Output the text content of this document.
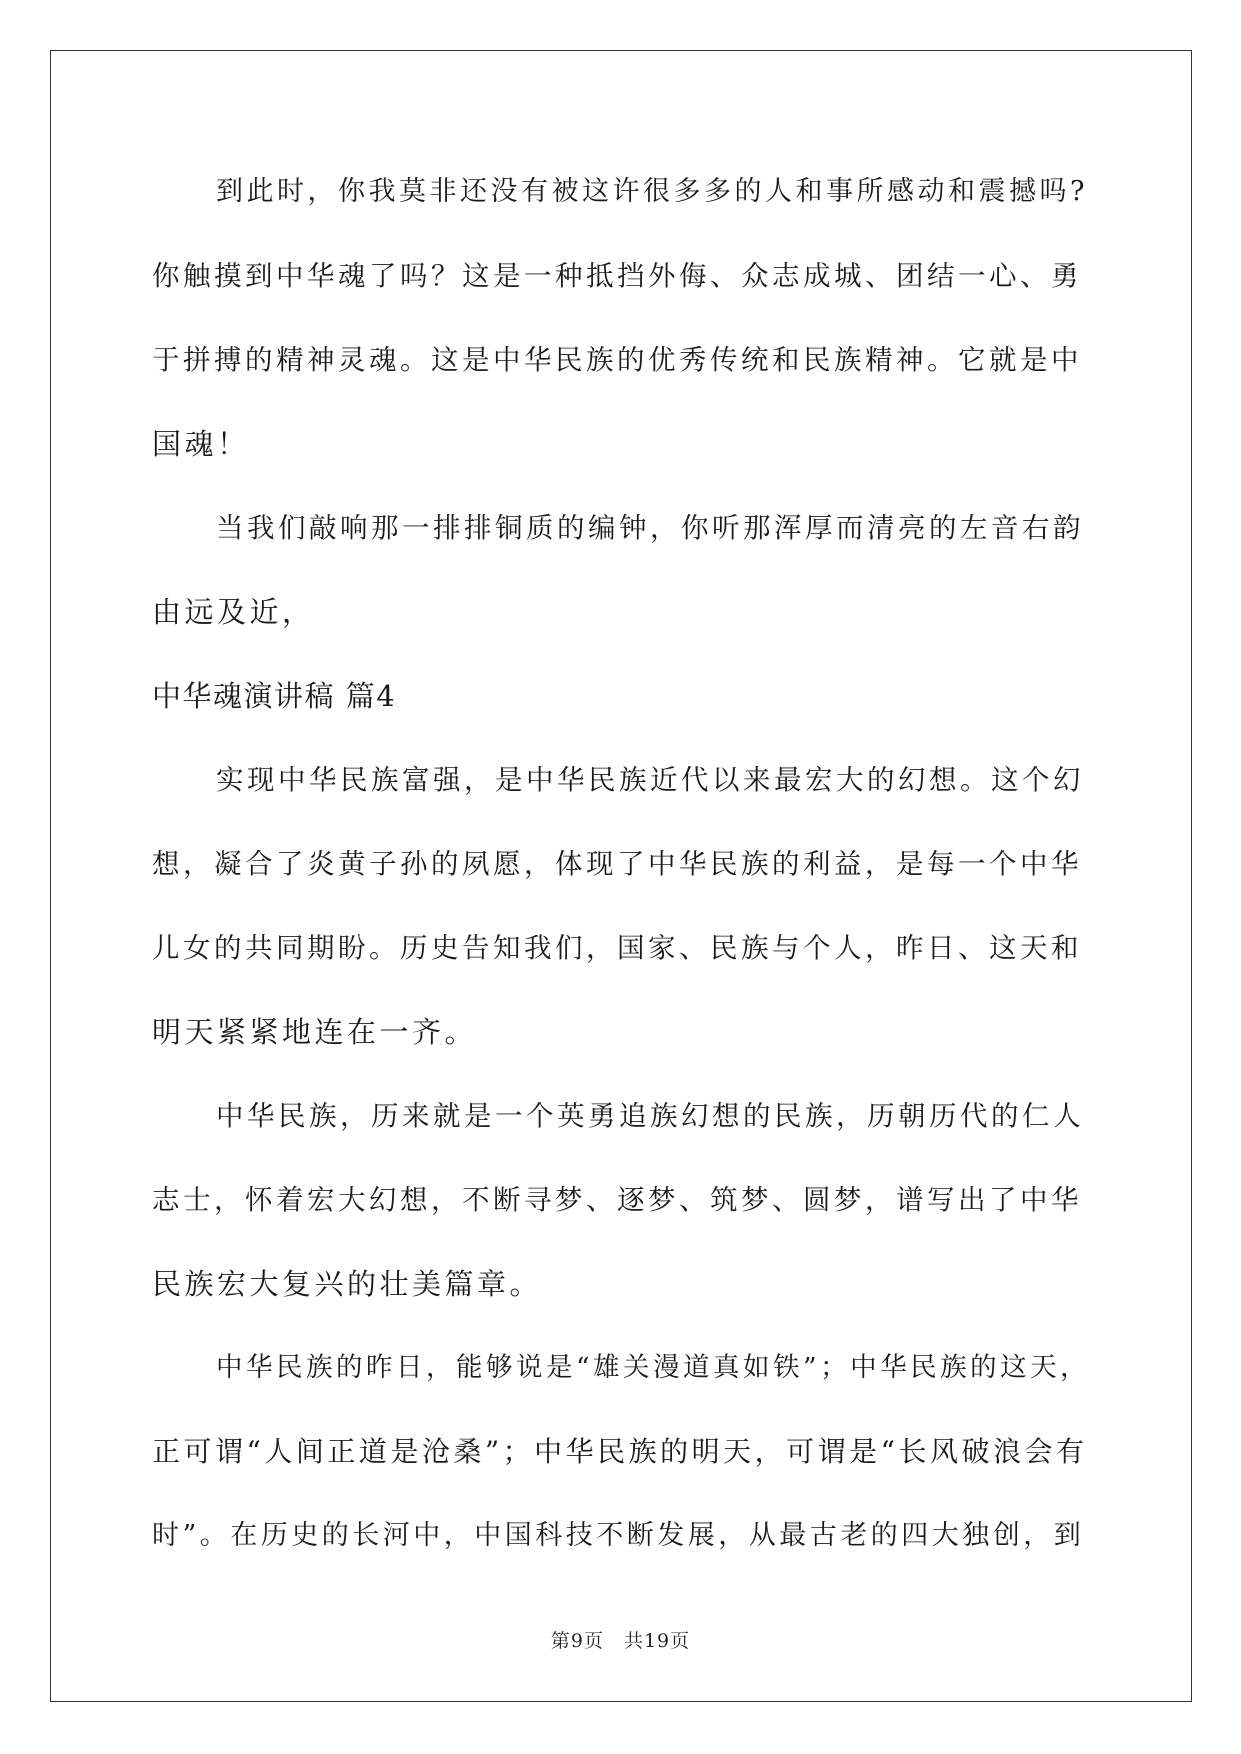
到此时，你我莫非还没有被这许很多多的人和事所感动和震撼吗?
你触摸到中华魂了吗？这是一种抵挡外侮、众志成城、团结一心、勇
于拼搏的精神灵魂。这是中华民族的优秀传统和民族精神。它就是中
国魂！
当我们敲响那一排排铜质的编钟，你听那浑厚而清亮的左音右韵
由远及近，
中华魂演讲稿 篇4
实现中华民族富强，是中华民族近代以来最宏大的幻想。这个幻
想，凝合了炎黄子孙的夙愿，体现了中华民族的利益，是每一个中华
儿女的共同期盼。历史告知我们，国家、民族与个人，昨日、这天和
明天紧紧地连在一齐。
中华民族，历来就是一个英勇追族幻想的民族，历朝历代的仁人
志士，怀着宏大幻想，不断寻梦、逐梦、筑梦、圆梦，谱写出了中华
民族宏大复兴的壮美篇章。
中华民族的昨日，能够说是“雄关漫道真如铁”；中华民族的这天，
正可谓“人间正道是沧桑”；中华民族的明天，可谓是“长风破浪会有
时”。在历史的长河中，中国科技不断发展，从最古老的四大独创，到
第9页 共19页
